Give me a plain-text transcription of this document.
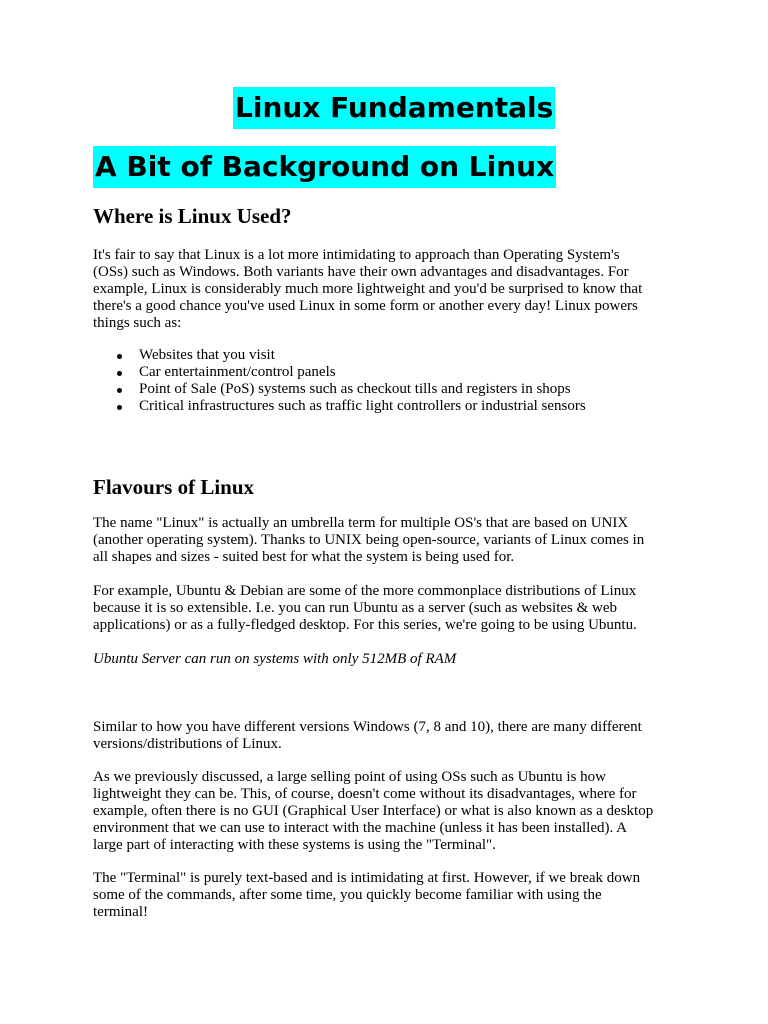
Linux Fundamentals
A Bit of Background on Linux
Where is Linux Used?

It's fair to say that Linux is a lot more intimidating to approach than Operating System's
(OSs) such as Windows. Both variants have their own advantages and disadvantages. For
example, Linux is considerably much more lightweight and you'd be surprised to know that
there's a good chance you've used Linux in some form or another every day! Linux powers
things such as:

Websites that you visit
Car entertainment/control panels
Point of Sale (PoS) systems such as checkout tills and registers in shops
Critical infrastructures such as traffic light controllers or industrial sensors
Flavours of Linux

The name "Linux" is actually an umbrella term for multiple OS's that are based on UNIX
(another operating system). Thanks to UNIX being open-source, variants of Linux comes in
all shapes and sizes - suited best for what the system is being used for.

For example, Ubuntu & Debian are some of the more commonplace distributions of Linux
because it is so extensible. I.e. you can run Ubuntu as a server (such as websites & web
applications) or as a fully-fledged desktop. For this series, we're going to be using Ubuntu.

Ubuntu Server can run on systems with only 512MB of RAM

Similar to how you have different versions Windows (7, 8 and 10), there are many different
versions/distributions of Linux.

As we previously discussed, a large selling point of using OSs such as Ubuntu is how
lightweight they can be. This, of course, doesn't come without its disadvantages, where for
example, often there is no GUI (Graphical User Interface) or what is also known as a desktop
environment that we can use to interact with the machine (unless it has been installed). A
large part of interacting with these systems is using the "Terminal".

The "Terminal" is purely text-based and is intimidating at first. However, if we break down
some of the commands, after some time, you quickly become familiar with using the
terminal!
